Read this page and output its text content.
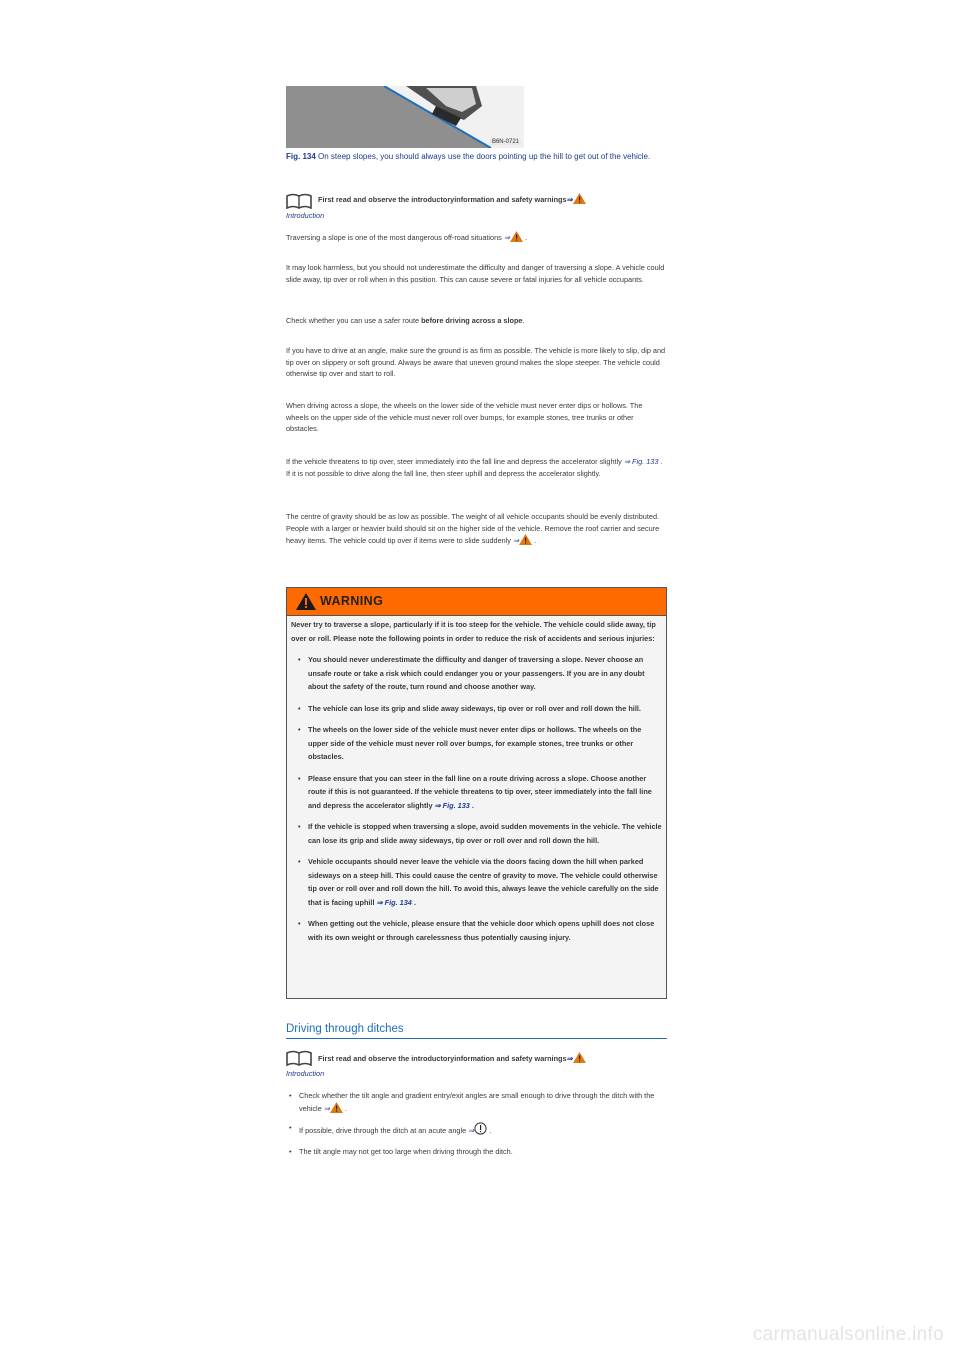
B6N-0721
Fig. 134 On steep slopes, you should always use the doors pointing up the hill to get out of the vehicle.
First read and observe the introductoryinformation and safety warnings⇒
Introduction
Traversing a slope is one of the most dangerous off-road situations ⇒ .
It may look harmless, but you should not underestimate the difficulty and danger of traversing a slope. A vehicle could slide away, tip over or roll when in this position. This can cause severe or fatal injuries for all vehicle occupants.
Check whether you can use a safer route before driving across a slope.
If you have to drive at an angle, make sure the ground is as firm as possible. The vehicle is more likely to slip, dip and tip over on slippery or soft ground. Always be aware that uneven ground makes the slope steeper. The vehicle could otherwise tip over and start to roll.
When driving across a slope, the wheels on the lower side of the vehicle must never enter dips or hollows. The wheels on the upper side of the vehicle must never roll over bumps, for example stones, tree trunks or other obstacles.
If the vehicle threatens to tip over, steer immediately into the fall line and depress the accelerator slightly ⇒ Fig. 133 . If it is not possible to drive along the fall line, then steer uphill and depress the accelerator slightly.
The centre of gravity should be as low as possible. The weight of all vehicle occupants should be evenly distributed. People with a larger or heavier build should sit on the higher side of the vehicle. Remove the roof carrier and secure heavy items. The vehicle could tip over if items were to slide suddenly ⇒ .
WARNING
Never try to traverse a slope, particularly if it is too steep for the vehicle. The vehicle could slide away, tip over or roll. Please note the following points in order to reduce the risk of accidents and serious injuries:
• You should never underestimate the difficulty and danger of traversing a slope. Never choose an unsafe route or take a risk which could endanger you or your passengers. If you are in any doubt about the safety of the route, turn round and choose another way.
• The vehicle can lose its grip and slide away sideways, tip over or roll over and roll down the hill.
• The wheels on the lower side of the vehicle must never enter dips or hollows. The wheels on the upper side of the vehicle must never roll over bumps, for example stones, tree trunks or other obstacles.
• Please ensure that you can steer in the fall line on a route driving across a slope. Choose another route if this is not guaranteed. If the vehicle threatens to tip over, steer immediately into the fall line and depress the accelerator slightly ⇒ Fig. 133 .
• If the vehicle is stopped when traversing a slope, avoid sudden movements in the vehicle. The vehicle can lose its grip and slide away sideways, tip over or roll over and roll down the hill.
• Vehicle occupants should never leave the vehicle via the doors facing down the hill when parked sideways on a steep hill. This could cause the centre of gravity to move. The vehicle could otherwise tip over or roll over and roll down the hill. To avoid this, always leave the vehicle carefully on the side that is facing uphill ⇒ Fig. 134 .
• When getting out the vehicle, please ensure that the vehicle door which opens uphill does not close with its own weight or through carelessness thus potentially causing injury.
Driving through ditches
First read and observe the introductoryinformation and safety warnings⇒
Introduction
• Check whether the tilt angle and gradient entry/exit angles are small enough to drive through the ditch with the vehicle ⇒ .
• If possible, drive through the ditch at an acute angle ⇒ .
• The tilt angle may not get too large when driving through the ditch.
carmanualsonline.info
